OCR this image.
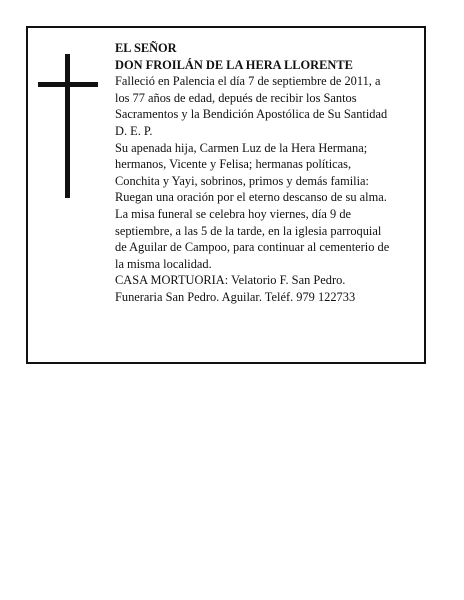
EL SEÑOR
DON FROILÁN DE LA HERA LLORENTE
Falleció en Palencia el día 7 de septiembre de 2011, a
los 77 años de edad, depués de recibir los Santos
Sacramentos y la Bendición Apostólica de Su Santidad
D. E. P.
Su apenada hija, Carmen Luz de la Hera Hermana;
hermanos, Vicente y Felisa; hermanas políticas,
Conchita y Yayi, sobrinos, primos y demás familia:
Ruegan una oración por el eterno descanso de su alma.
La misa funeral se celebra hoy viernes, día 9 de
septiembre, a las 5 de la tarde, en la iglesia parroquial
de Aguilar de Campoo, para continuar al cementerio de
la misma localidad.
CASA MORTUORIA: Velatorio F. San Pedro.
Funeraria San Pedro. Aguilar. Teléf. 979 122733
